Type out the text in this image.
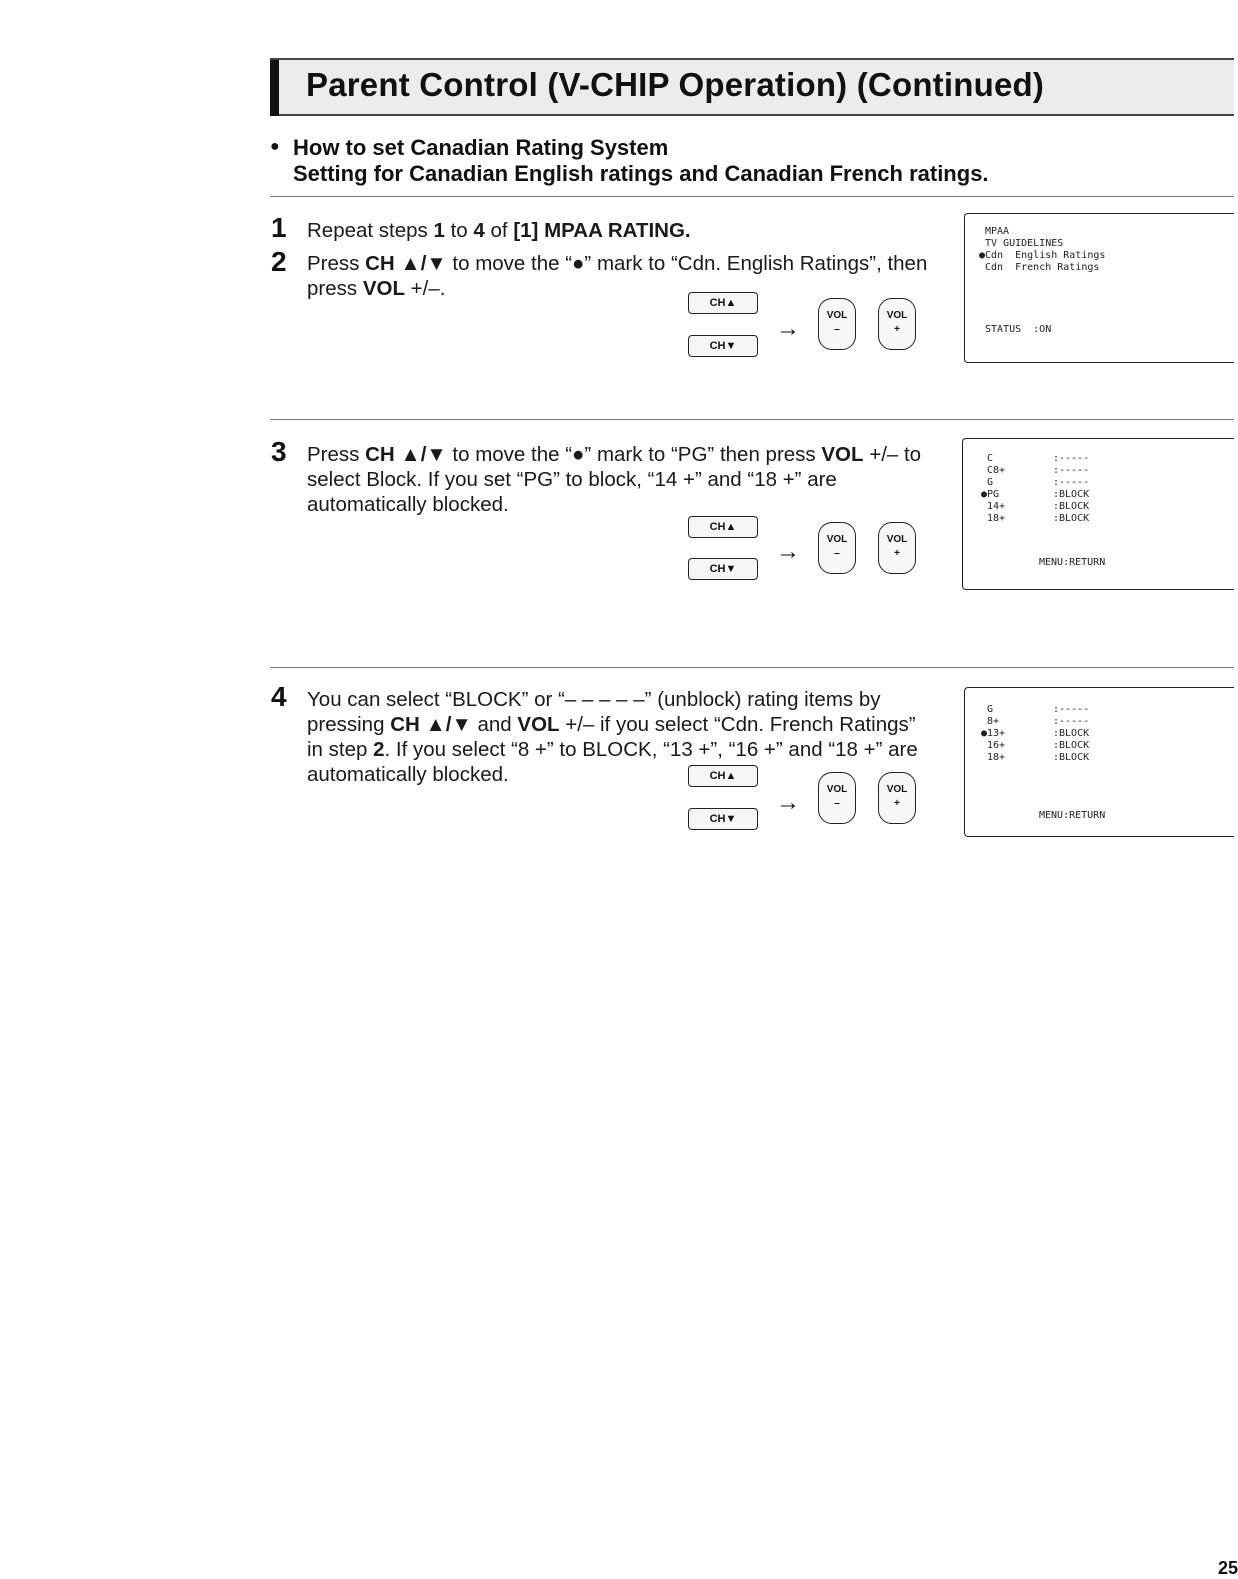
Parent Control (V-CHIP Operation) (Continued)
● How to set Canadian Rating System
Setting for Canadian English ratings and Canadian French ratings.
1 Repeat steps 1 to 4 of [1] MPAA RATING.
2 Press CH ▲/▼ to move the “●” mark to “Cdn. English Ratings”, then press VOL +/–.
CH▲
CH▼
→	VOL
–
VOL
+
MPAA
TV GUIDELINES
●Cdn  English Ratings
Cdn  French Ratings
STATUS  :ON
3 Press CH ▲/▼ to move the “●” mark to “PG” then press VOL +/– to select Block. If you set “PG” to block, “14 +” and “18 +” are automatically blocked.
CH▲
CH▼
→	VOL
–
VOL
+
C	:-----
C8+	:-----
G	:-----
●PG	:BLOCK
14+	:BLOCK
18+	:BLOCK
MENU:RETURN
4 You can select “BLOCK” or “– – – – –” (unblock) rating items by pressing CH ▲/▼ and VOL +/– if you select “Cdn. French Ratings” in step 2. If you select “8 +” to BLOCK, “13 +”, “16 +” and “18 +” are automatically blocked.	CH▲
CH▼
→	VOL
–
VOL
+
G	:-----
8+	:-----
●13+	:BLOCK
16+	:BLOCK
18+	:BLOCK
MENU:RETURN
25
